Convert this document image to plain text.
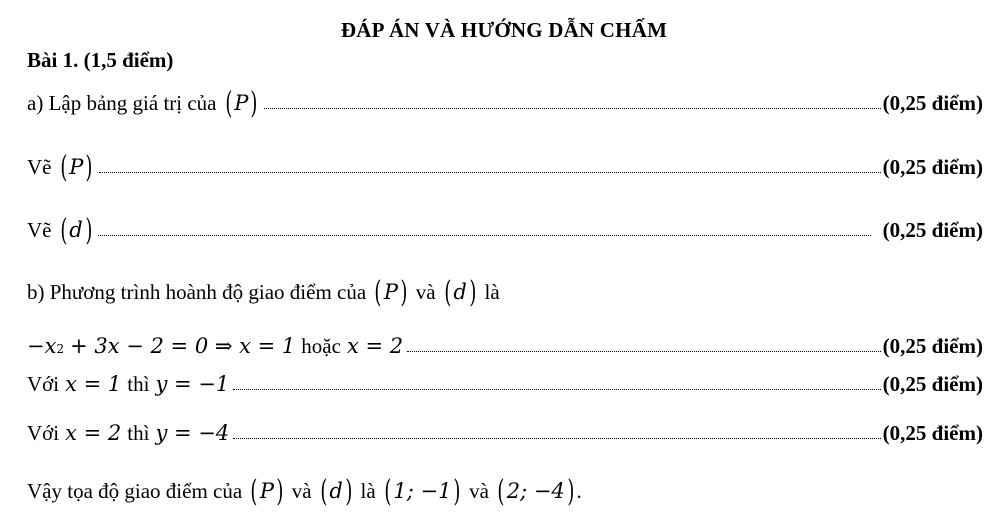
ĐÁP ÁN VÀ HƯỚNG DẪN CHẤM
Bài 1. (1,5 điểm)
a) Lập bảng giá trị của ( P )	(0,25 điểm)
Vẽ ( P )	(0,25 điểm)
Vẽ ( d )	(0,25 điểm)
b) Phương trình hoành độ giao điểm của ( P ) và ( d ) là
−x 2 + 3x − 2 = 0 ⇒ x = 1 hoặc x = 2	(0,25 điểm)
Với x = 1 thì y = −1	(0,25 điểm)
Với x = 2 thì y = −4	(0,25 điểm)
Vậy tọa độ giao điểm của ( P ) và ( d ) là ( 1; −1 ) và ( 2; −4 ) .
